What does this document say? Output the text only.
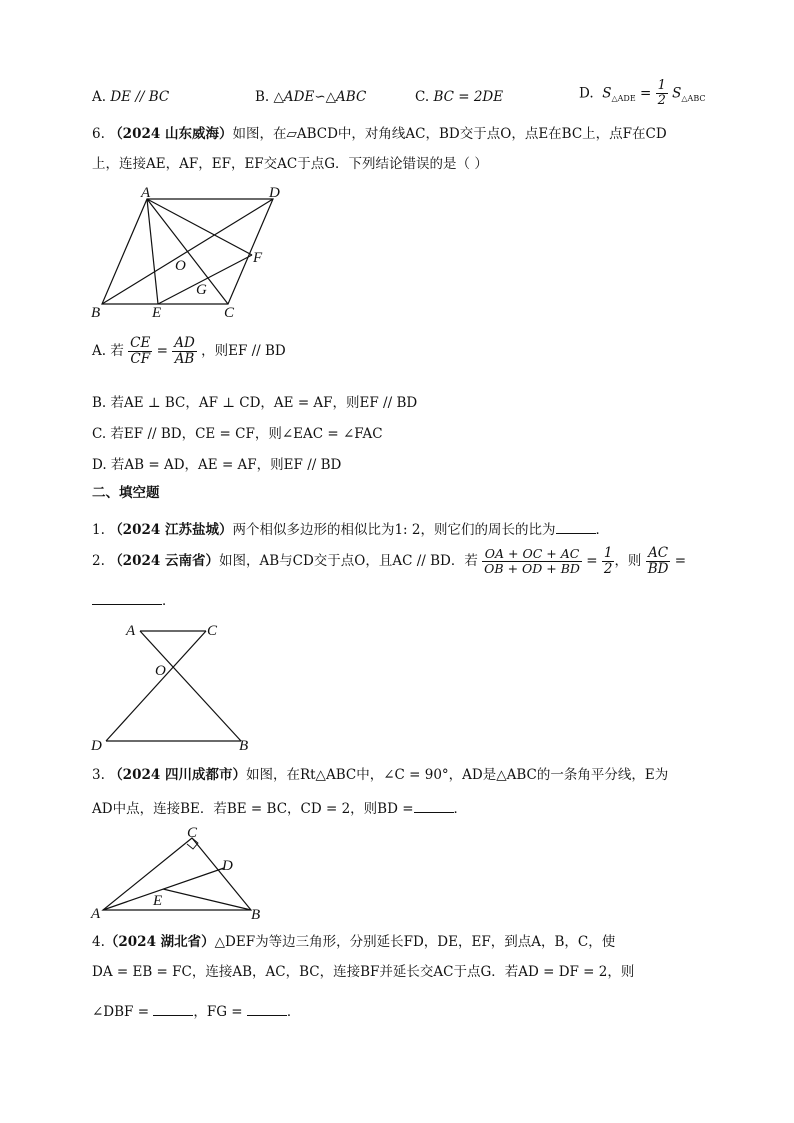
A. DE // BC	B. △ADE∽△ABC	C. BC = 2DE	D. $S_{\triangle ADE} = \frac{1}{2} S_{\triangle ABC}$
6. （2024 山东威海）如图，在▱ABCD中，对角线AC，BD交于点O，点E在BC上，点F在CD
上，连接AE，AF，EF，EF交AC于点G．下列结论错误的是（ ）
A	D
B	E	C
F
O
G
A. 若 $\frac{CE}{CF} = \frac{AD}{AB}$ ，则EF // BD
B. 若AE ⊥ BC，AF ⊥ CD，AE = AF，则EF // BD
C. 若EF // BD，CE = CF，则∠EAC = ∠FAC
D. 若AB = AD，AE = AF，则EF // BD
二、填空题
1. （2024 江苏盐城）两个相似多边形的相似比为1: 2，则它们的周长的比为	．
2. （2024 云南省）如图，AB与CD交于点O，且AC // BD．若 $\frac{OA + OC + AC}{OB + OD + BD} = \frac{1}{2}$ ，则 $\frac{AC}{BD}$ =
．
A	C
O
D	B
3. （2024 四川成都市）如图，在Rt△ABC中，∠C = 90°，AD是△ABC的一条角平分线，E为
AD中点，连接BE．若BE = BC，CD = 2，则BD =	．
C
D
A
E
B
4.（2024 湖北省）△DEF为等边三角形，分别延长FD，DE，EF，到点A，B，C，使
DA = EB = FC，连接AB，AC，BC，连接BF并延长交AC于点G．若AD = DF = 2，则
∠DBF =	，FG =	．
